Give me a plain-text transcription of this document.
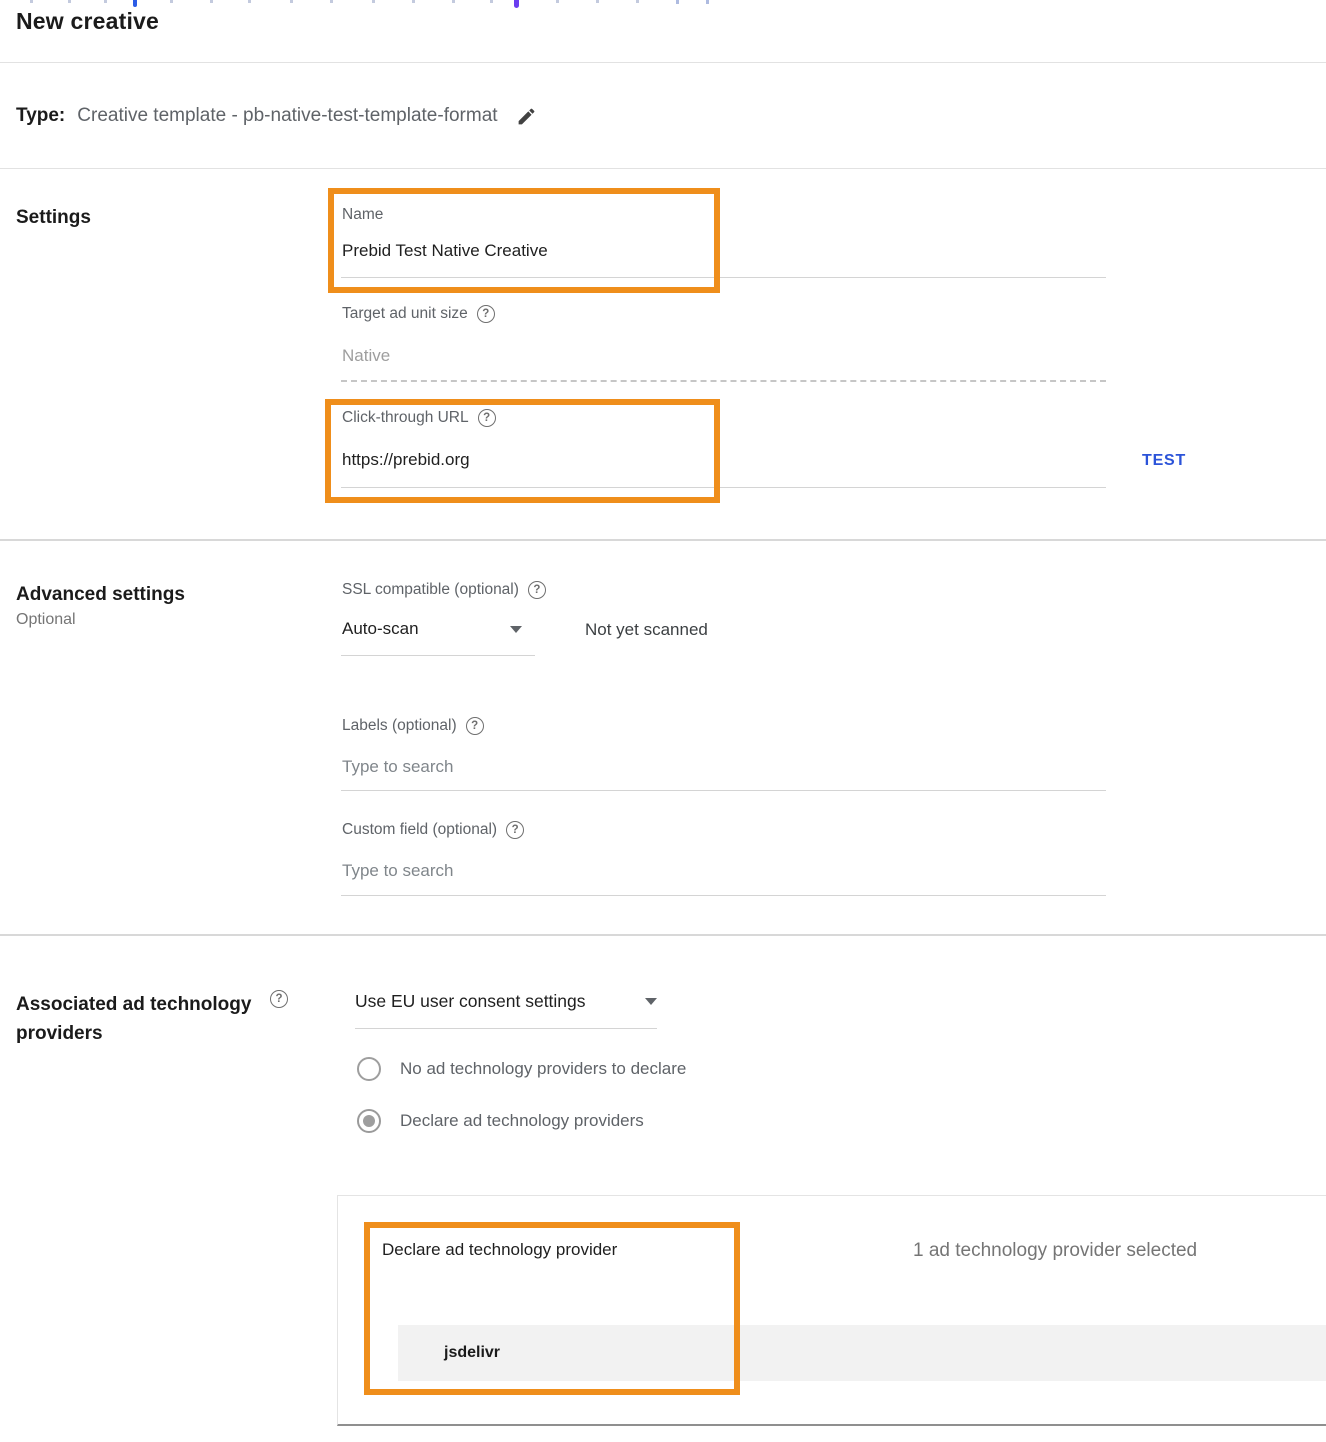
New creative
Type: Creative template - pb-native-test-template-format
Settings	Name
Prebid Test Native Creative
Target ad unit size	?
Native
Click-through URL	?
https://prebid.org	TEST
Advanced settings
Optional
SSL compatible (optional)	?
Auto-scan	Not yet scanned
Labels (optional)	?
Type to search
Custom field (optional)	?
Type to search
Associated ad technology providers
?	Use EU user consent settings
No ad technology providers to declare
Declare ad technology providers
Declare ad technology provider	1 ad technology provider selected
jsdelivr
